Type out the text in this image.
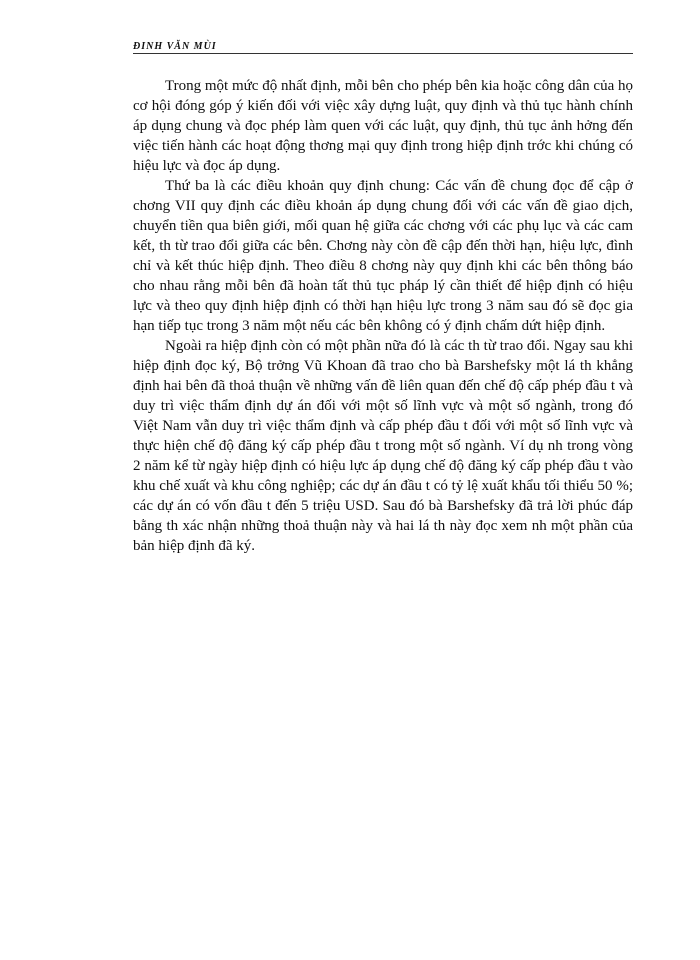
ĐINH VĂN MÙI

Trong một mức độ nhất định, mỗi bên cho phép bên kia hoặc công dân của họ cơ hội đóng góp ý kiến đối với việc xây dựng luật, quy định và thủ tục hành chính áp dụng chung và đọc phép làm quen với các luật, quy định, thủ tục ảnh hởng đến việc tiến hành các hoạt động thơng mại quy định trong hiệp định trớc khi chúng có hiệu lực và đọc áp dụng.

Thứ ba là các điều khoản quy định chung: Các vấn đề chung đọc để cập ở chơng VII quy định các điều khoản áp dụng chung đối với các vấn đề giao dịch, chuyển tiền qua biên giới, mối quan hệ giữa các chơng với các phụ lục và các cam kết, th từ trao đổi giữa các bên. Chơng này còn đề cập đến thời hạn, hiệu lực, đình chỉ và kết thúc hiệp định. Theo điều 8 chơng này quy định khi các bên thông báo cho nhau rằng mỗi bên đã hoàn tất thủ tục pháp lý cần thiết để hiệp định có hiệu lực và theo quy định hiệp định có thời hạn hiệu lực trong 3 năm sau đó sẽ đọc gia hạn tiếp tục trong 3 năm một nếu các bên không có ý định chấm dứt hiệp định.

Ngoài ra hiệp định còn có một phần nữa đó là các th từ trao đổi. Ngay sau khi hiệp định đọc ký, Bộ trởng Vũ Khoan đã trao cho bà Barshefsky một lá th khẳng định hai bên đã thoả thuận về những vấn đề liên quan đến chế độ cấp phép đầu t và duy trì việc thẩm định dự án đối với một số lĩnh vực và một số ngành, trong đó Việt Nam vẫn duy trì việc thẩm định và cấp phép đầu t đối với một số lĩnh vực và thực hiện chế độ đăng ký cấp phép đầu t trong một số ngành. Ví dụ nh trong vòng 2 năm kể từ ngày hiệp định có hiệu lực áp dụng chế độ đăng ký cấp phép đầu t vào khu chế xuất và khu công nghiệp; các dự án đầu t có tỷ lệ xuất khẩu tối thiểu 50 %; các dự án có vốn đầu t đến 5 triệu USD. Sau đó bà Barshefsky đã trả lời phúc đáp bằng th xác nhận những thoả thuận này và hai lá th này đọc xem nh một phần của bản hiệp định đã ký.
